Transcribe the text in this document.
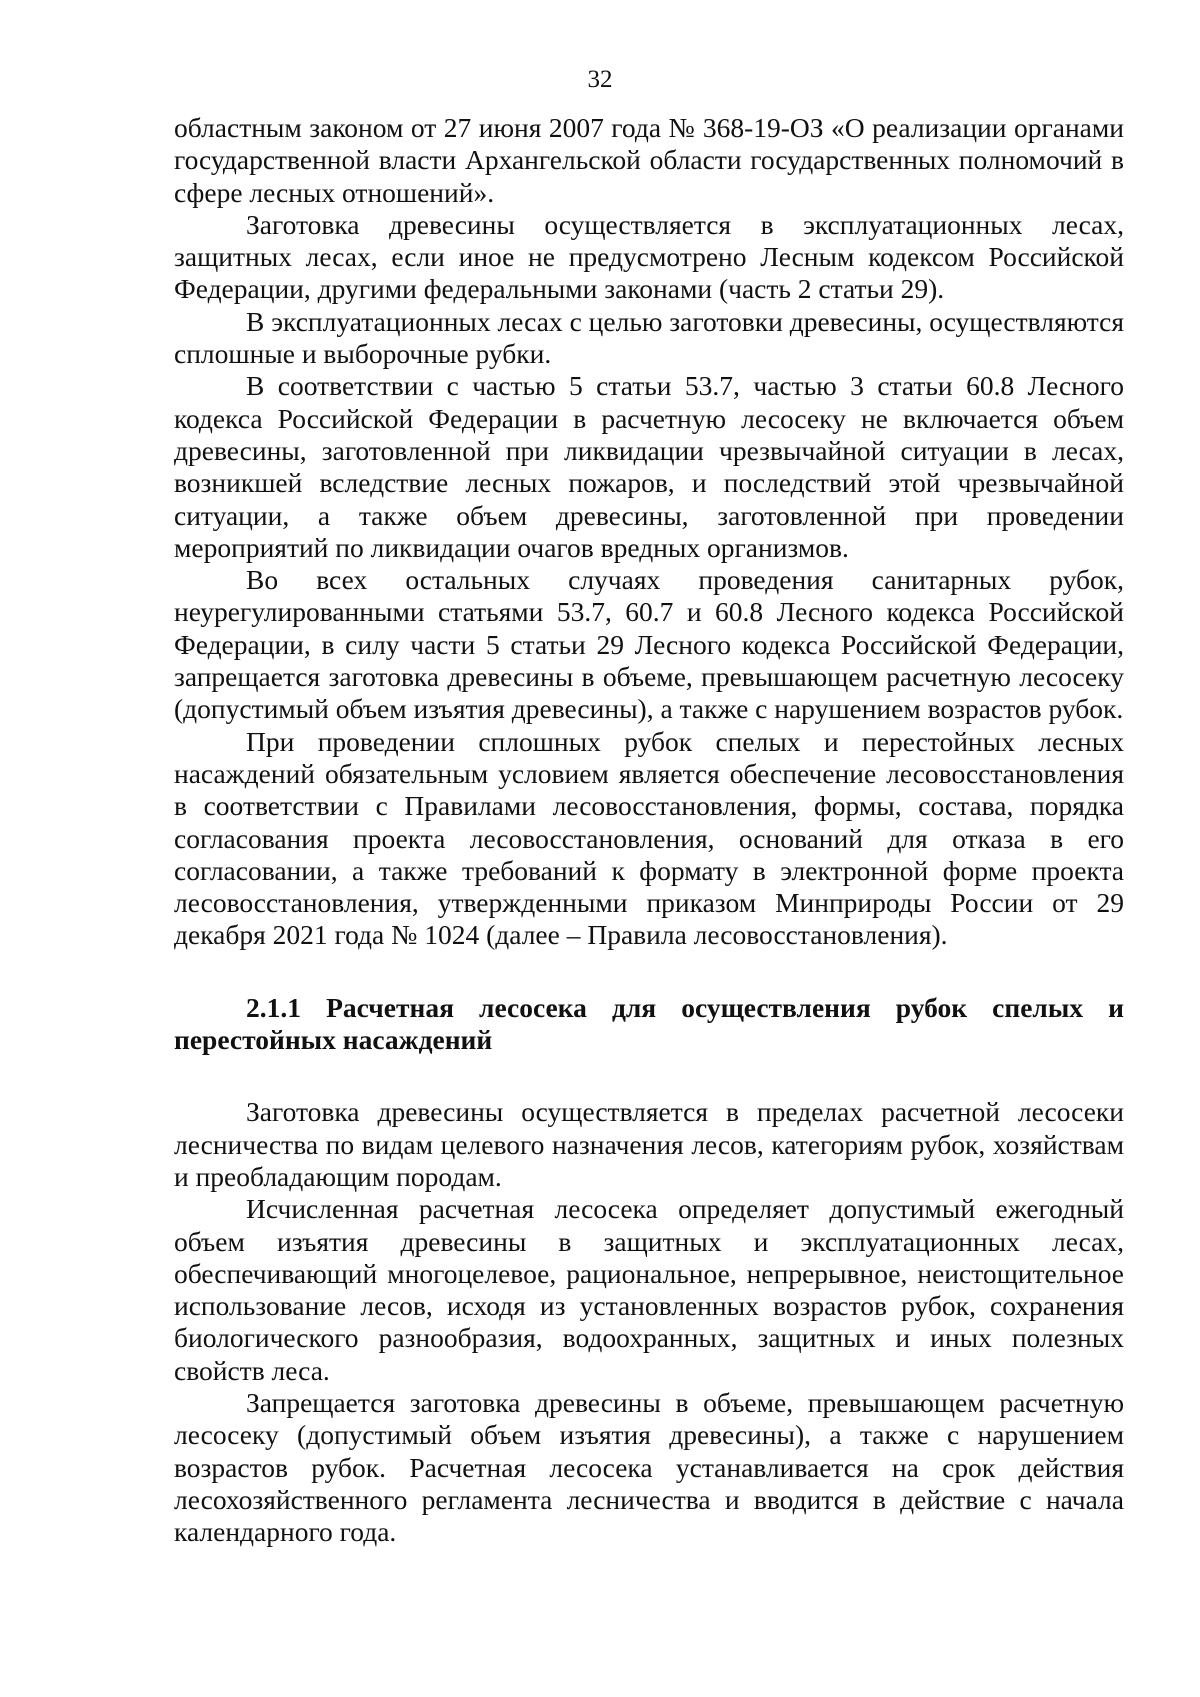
32

областным законом от 27 июня 2007 года № 368-19-ОЗ «О реализации органами государственной власти Архангельской области государственных полномочий в сфере лесных отношений».

Заготовка древесины осуществляется в эксплуатационных лесах, защитных лесах, если иное не предусмотрено Лесным кодексом Российской Федерации, другими федеральными законами (часть 2 статьи 29).

В эксплуатационных лесах с целью заготовки древесины, осуществляются сплошные и выборочные рубки.

В соответствии с частью 5 статьи 53.7, частью 3 статьи 60.8 Лесного кодекса Российской Федерации в расчетную лесосеку не включается объем древесины, заготовленной при ликвидации чрезвычайной ситуации в лесах, возникшей вследствие лесных пожаров, и последствий этой чрезвычайной ситуации, а также объем древесины, заготовленной при проведении мероприятий по ликвидации очагов вредных организмов.

Во всех остальных случаях проведения санитарных рубок, неурегулированными статьями 53.7, 60.7 и 60.8 Лесного кодекса Российской Федерации, в силу части 5 статьи 29 Лесного кодекса Российской Федерации, запрещается заготовка древесины в объеме, превышающем расчетную лесосеку (допустимый объем изъятия древесины), а также с нарушением возрастов рубок.

При проведении сплошных рубок спелых и перестойных лесных насаждений обязательным условием является обеспечение лесовосстановления в соответствии с Правилами лесовосстановления, формы, состава, порядка согласования проекта лесовосстановления, оснований для отказа в его согласовании, а также требований к формату в электронной форме проекта лесовосстановления, утвержденными приказом Минприроды России от 29 декабря 2021 года № 1024 (далее – Правила лесовосстановления).

2.1.1 Расчетная лесосека для осуществления рубок спелых и перестойных насаждений

Заготовка древесины осуществляется в пределах расчетной лесосеки лесничества по видам целевого назначения лесов, категориям рубок, хозяйствам и преобладающим породам.

Исчисленная расчетная лесосека определяет допустимый ежегодный объем изъятия древесины в защитных и эксплуатационных лесах, обеспечивающий многоцелевое, рациональное, непрерывное, неистощительное использование лесов, исходя из установленных возрастов рубок, сохранения биологического разнообразия, водоохранных, защитных и иных полезных свойств леса.

Запрещается заготовка древесины в объеме, превышающем расчетную лесосеку (допустимый объем изъятия древесины), а также с нарушением возрастов рубок. Расчетная лесосека устанавливается на срок действия лесохозяйственного регламента лесничества и вводится в действие с начала календарного года.
